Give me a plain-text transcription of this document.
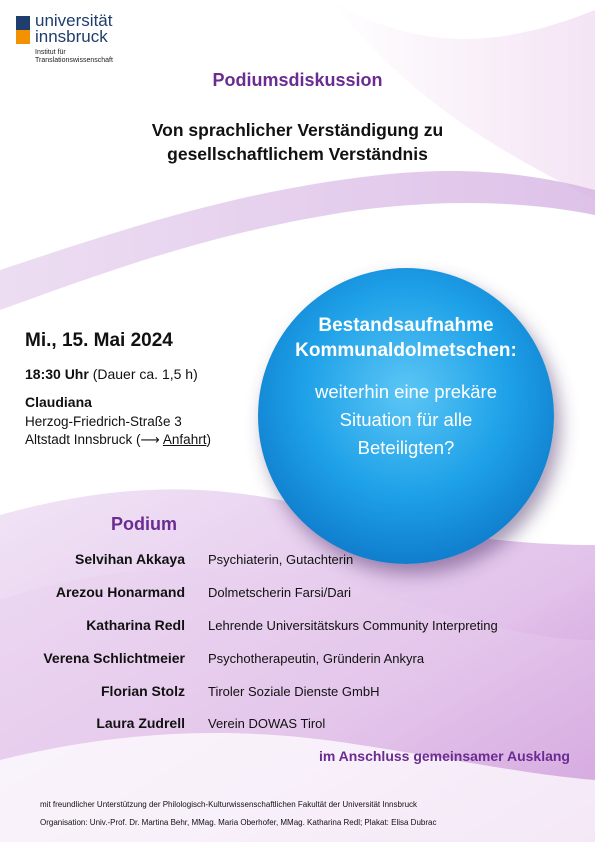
universität
innsbruck
Institut für
Translationswissenschaft
Podiumsdiskussion
Von sprachlicher Verständigung zu
gesellschaftlichem Verständnis
Mi., 15. Mai 2024
18:30 Uhr (Dauer ca. 1,5 h)
Claudiana
Herzog-Friedrich-Straße 3
Altstadt Innsbruck (⟶ Anfahrt)
Bestandsaufnahme
Kommunaldolmetschen:
weiterhin eine prekäre
Situation für alle
Beteiligten?
Podium
Selvihan Akkaya Psychiaterin, Gutachterin
Arezou Honarmand Dolmetscherin Farsi/Dari
Katharina Redl Lehrende Universitätskurs Community Interpreting
Verena Schlichtmeier Psychotherapeutin, Gründerin Ankyra
Florian Stolz Tiroler Soziale Dienste GmbH
Laura Zudrell Verein DOWAS Tirol
im Anschluss gemeinsamer Ausklang
mit freundlicher Unterstützung der Philologisch-Kulturwissenschaftlichen Fakultät der Universität Innsbruck
Organisation: Univ.-Prof. Dr. Martina Behr, MMag. Maria Oberhofer, MMag. Katharina Redl; Plakat: Elisa Dubrac
